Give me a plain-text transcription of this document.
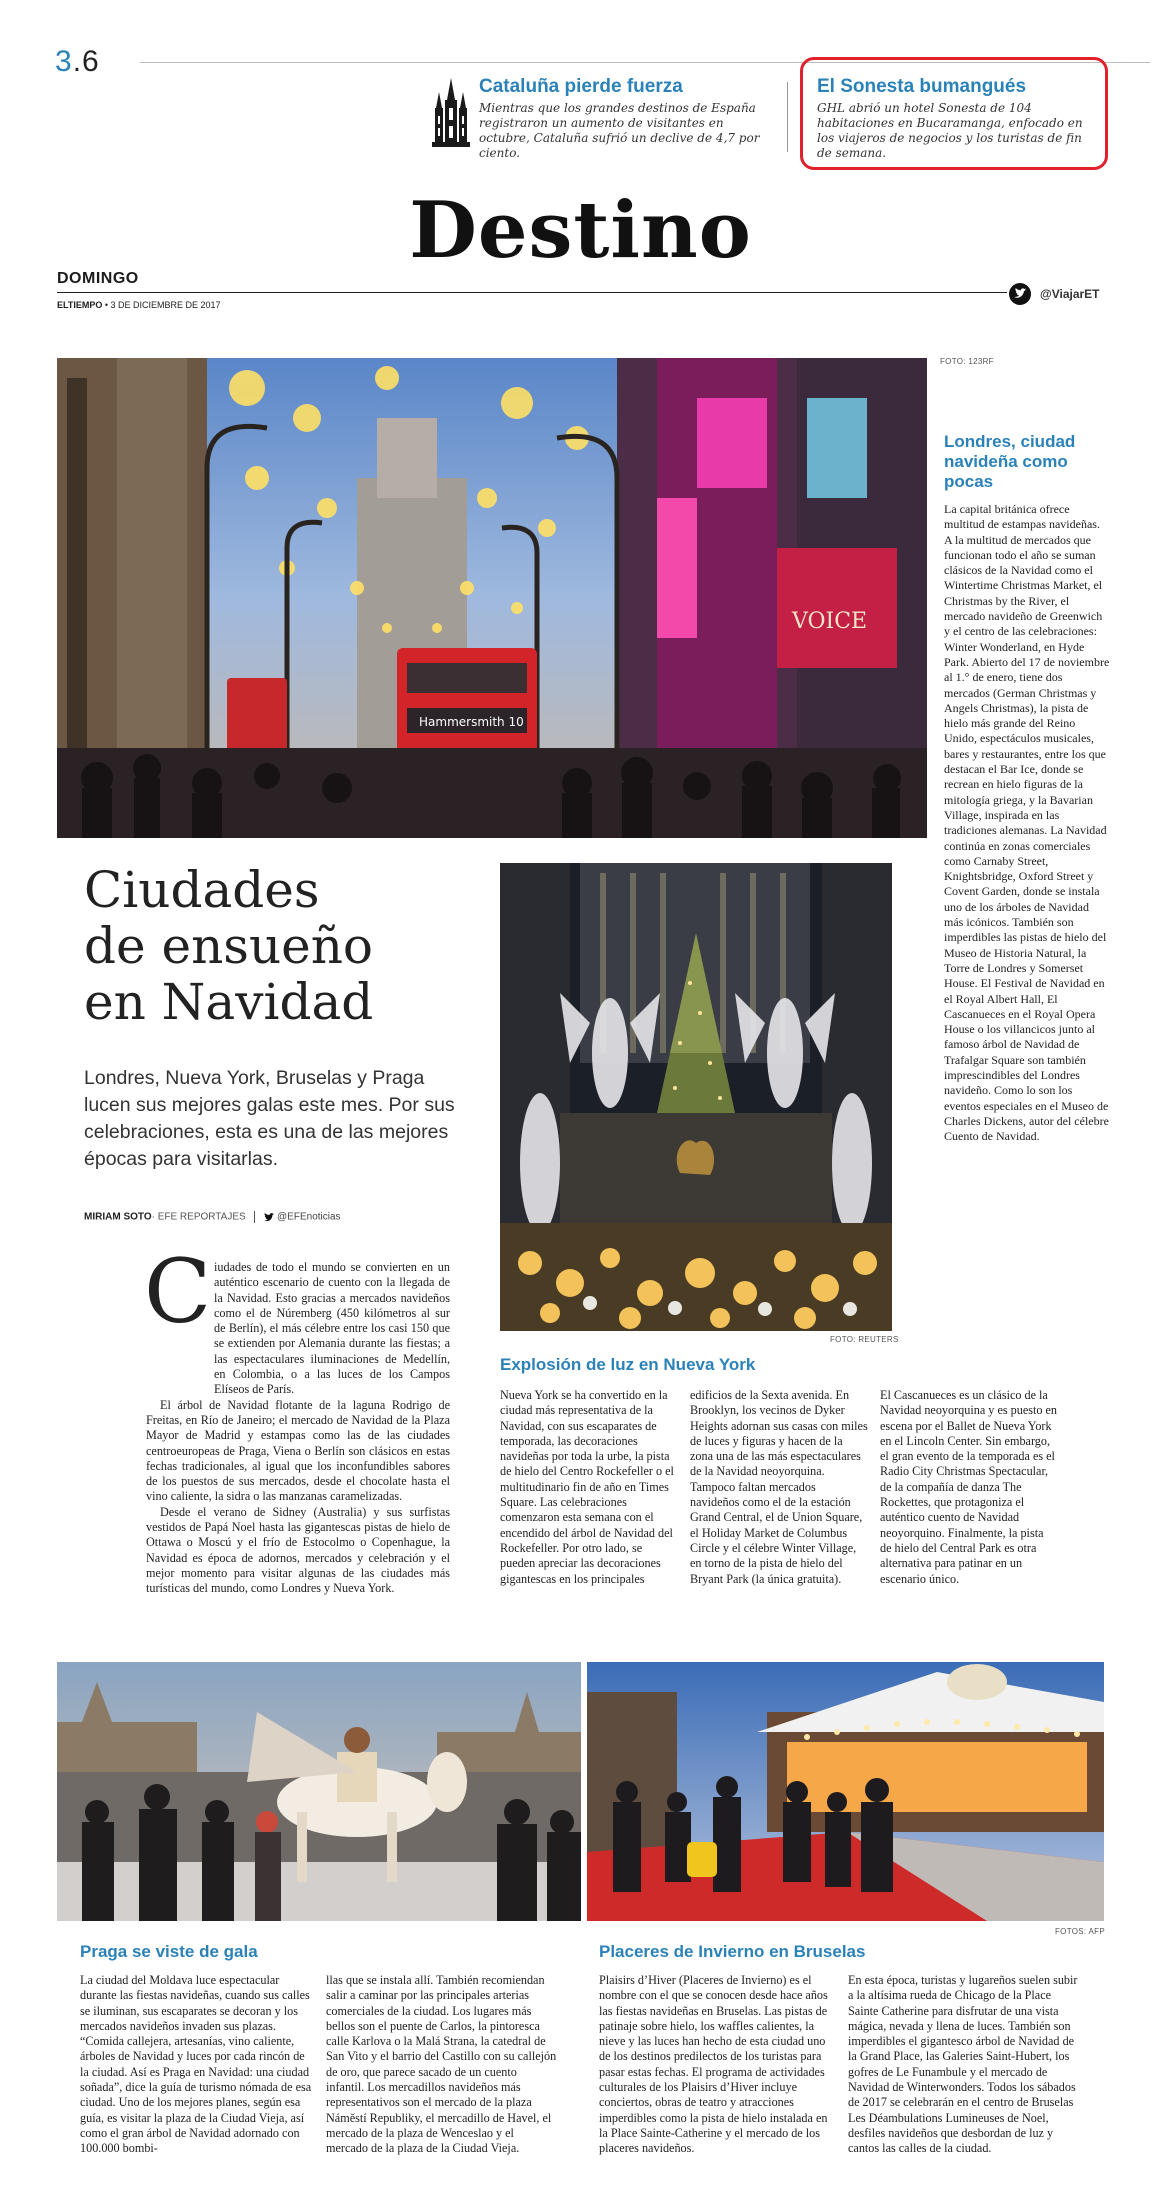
3.6
Cataluña pierde fuerza
Mientras que los grandes destinos de España registraron un aumento de visitantes en octubre, Cataluña sufrió un declive de 4,7 por ciento.
El Sonesta bumangués
GHL abrió un hotel Sonesta de 104 habitaciones en Bucaramanga, enfocado en los viajeros de negocios y los turistas de fin de semana.
Destino
DOMINGO
ELTIEMPO • 3 DE DICIEMBRE DE 2017
@ViajarET
VOICE
Hammersmith 10
FOTO: 123RF
Londres, ciudad navideña como pocas
La capital británica ofrece multitud de estampas navideñas. A la multitud de mercados que funcionan todo el año se suman clásicos de la Navidad como el Wintertime Christmas Market, el Christmas by the River, el mercado navideño de Greenwich y el centro de las celebraciones: Winter Wonderland, en Hyde Park. Abierto del 17 de noviembre al 1.° de enero, tiene dos mercados (German Christmas y Angels Christmas), la pista de hielo más grande del Reino Unido, espectáculos musicales, bares y restaurantes, entre los que destacan el Bar Ice, donde se recrean en hielo figuras de la mitología griega, y la Bavarian Village, inspirada en las tradiciones alemanas. La Navidad continúa en zonas comerciales como Carnaby Street, Knightsbridge, Oxford Street y Covent Garden, donde se instala uno de los árboles de Navidad más icónicos. También son imperdibles las pistas de hielo del Museo de Historia Natural, la Torre de Londres y Somerset House. El Festival de Navidad en el Royal Albert Hall, El Cascanueces en el Royal Opera House o los villancicos junto al famoso árbol de Navidad de Trafalgar Square son también imprescindibles del Londres navideño. Como lo son los eventos especiales en el Museo de Charles Dickens, autor del célebre Cuento de Navidad.
Ciudades
de ensueño
en Navidad
Londres, Nueva York, Bruselas y Praga lucen sus mejores galas este mes. Por sus celebraciones, esta es una de las mejores épocas para visitarlas.
MIRIAM SOTO· EFE REPORTAJES	@EFEnoticias
C iudades de todo el mundo se convierten en un auténtico escenario de cuento con la llegada de la Navidad. Esto gracias a mercados navideños como el de Núremberg (450 kilómetros al sur de Berlín), el más célebre entre los casi 150 que se extienden por Alemania durante las fiestas; a las espectaculares iluminaciones de Medellín, en Colombia, o a las luces de los Campos Elíseos de París.

El árbol de Navidad flotante de la laguna Rodrigo de Freitas, en Río de Janeiro; el mercado de Navidad de la Plaza Mayor de Madrid y estampas como las de las ciudades centroeuropeas de Praga, Viena o Berlín son clásicos en estas fechas tradicionales, al igual que los inconfundibles sabores de los puestos de sus mercados, desde el chocolate hasta el vino caliente, la sidra o las manzanas caramelizadas.

Desde el verano de Sidney (Australia) y sus surfistas vestidos de Papá Noel hasta las gigantescas pistas de hielo de Ottawa o Moscú y el frío de Estocolmo o Copenhague, la Navidad es época de adornos, mercados y celebración y el mejor momento para visitar algunas de las ciudades más turísticas del mundo, como Londres y Nueva York.

FOTO: REUTERS
Explosión de luz en Nueva York
Nueva York se ha convertido en la ciudad más representativa de la Navidad, con sus escaparates de temporada, las decoraciones navideñas por toda la urbe, la pista de hielo del Centro Rockefeller o el multitudinario fin de año en Times Square. Las celebraciones comenzaron esta semana con el encendido del árbol de Navidad del Rockefeller. Por otro lado, se pueden apreciar las decoraciones gigantescas en los principales
edificios de la Sexta avenida. En Brooklyn, los vecinos de Dyker Heights adornan sus casas con miles de luces y figuras y hacen de la zona una de las más espectaculares de la Navidad neoyorquina. Tampoco faltan mercados navideños como el de la estación Grand Central, el de Union Square, el Holiday Market de Columbus Circle y el célebre Winter Village, en torno de la pista de hielo del Bryant Park (la única gratuita).
El Cascanueces es un clásico de la Navidad neoyorquina y es puesto en escena por el Ballet de Nueva York en el Lincoln Center. Sin embargo, el gran evento de la temporada es el Radio City Christmas Spectacular, de la compañía de danza The Rockettes, que protagoniza el auténtico cuento de Navidad neoyorquino. Finalmente, la pista de hielo del Central Park es otra alternativa para patinar en un escenario único.
FOTOS: AFP
Praga se viste de gala
La ciudad del Moldava luce espectacular durante las fiestas navideñas, cuando sus calles se iluminan, sus escaparates se decoran y los mercados navideños invaden sus plazas. “Comida callejera, artesanías, vino caliente, árboles de Navidad y luces por cada rincón de la ciudad. Así es Praga en Navidad: una ciudad soñada”, dice la guía de turismo nómada de esa ciudad. Uno de los mejores planes, según esa guía, es visitar la plaza de la Ciudad Vieja, así como el gran árbol de Navidad adornado con 100.000 bombi-
llas que se instala allí. También recomiendan salir a caminar por las principales arterias comerciales de la ciudad. Los lugares más bellos son el puente de Carlos, la pintoresca calle Karlova o la Malá Strana, la catedral de San Vito y el barrio del Castillo con su callejón de oro, que parece sacado de un cuento infantil. Los mercadillos navideños más representativos son el mercado de la plaza Náměstí Republiky, el mercadillo de Havel, el mercado de la plaza de Wenceslao y el mercado de la plaza de la Ciudad Vieja.
Placeres de Invierno en Bruselas
Plaisirs d’Hiver (Placeres de Invierno) es el nombre con el que se conocen desde hace años las fiestas navideñas en Bruselas. Las pistas de patinaje sobre hielo, los waffles calientes, la nieve y las luces han hecho de esta ciudad uno de los destinos predilectos de los turistas para pasar estas fechas. El programa de actividades culturales de los Plaisirs d’Hiver incluye conciertos, obras de teatro y atracciones imperdibles como la pista de hielo instalada en la Place Sainte-Catherine y el mercado de los placeres navideños.
En esta época, turistas y lugareños suelen subir a la altísima rueda de Chicago de la Place Sainte Catherine para disfrutar de una vista mágica, nevada y llena de luces. También son imperdibles el gigantesco árbol de Navidad de la Grand Place, las Galeries Saint-Hubert, los gofres de Le Funambule y el mercado de Navidad de Winterwonders. Todos los sábados de 2017 se celebrarán en el centro de Bruselas Les Déambulations Lumineuses de Noel, desfiles navideños que desbordan de luz y cantos las calles de la ciudad.
